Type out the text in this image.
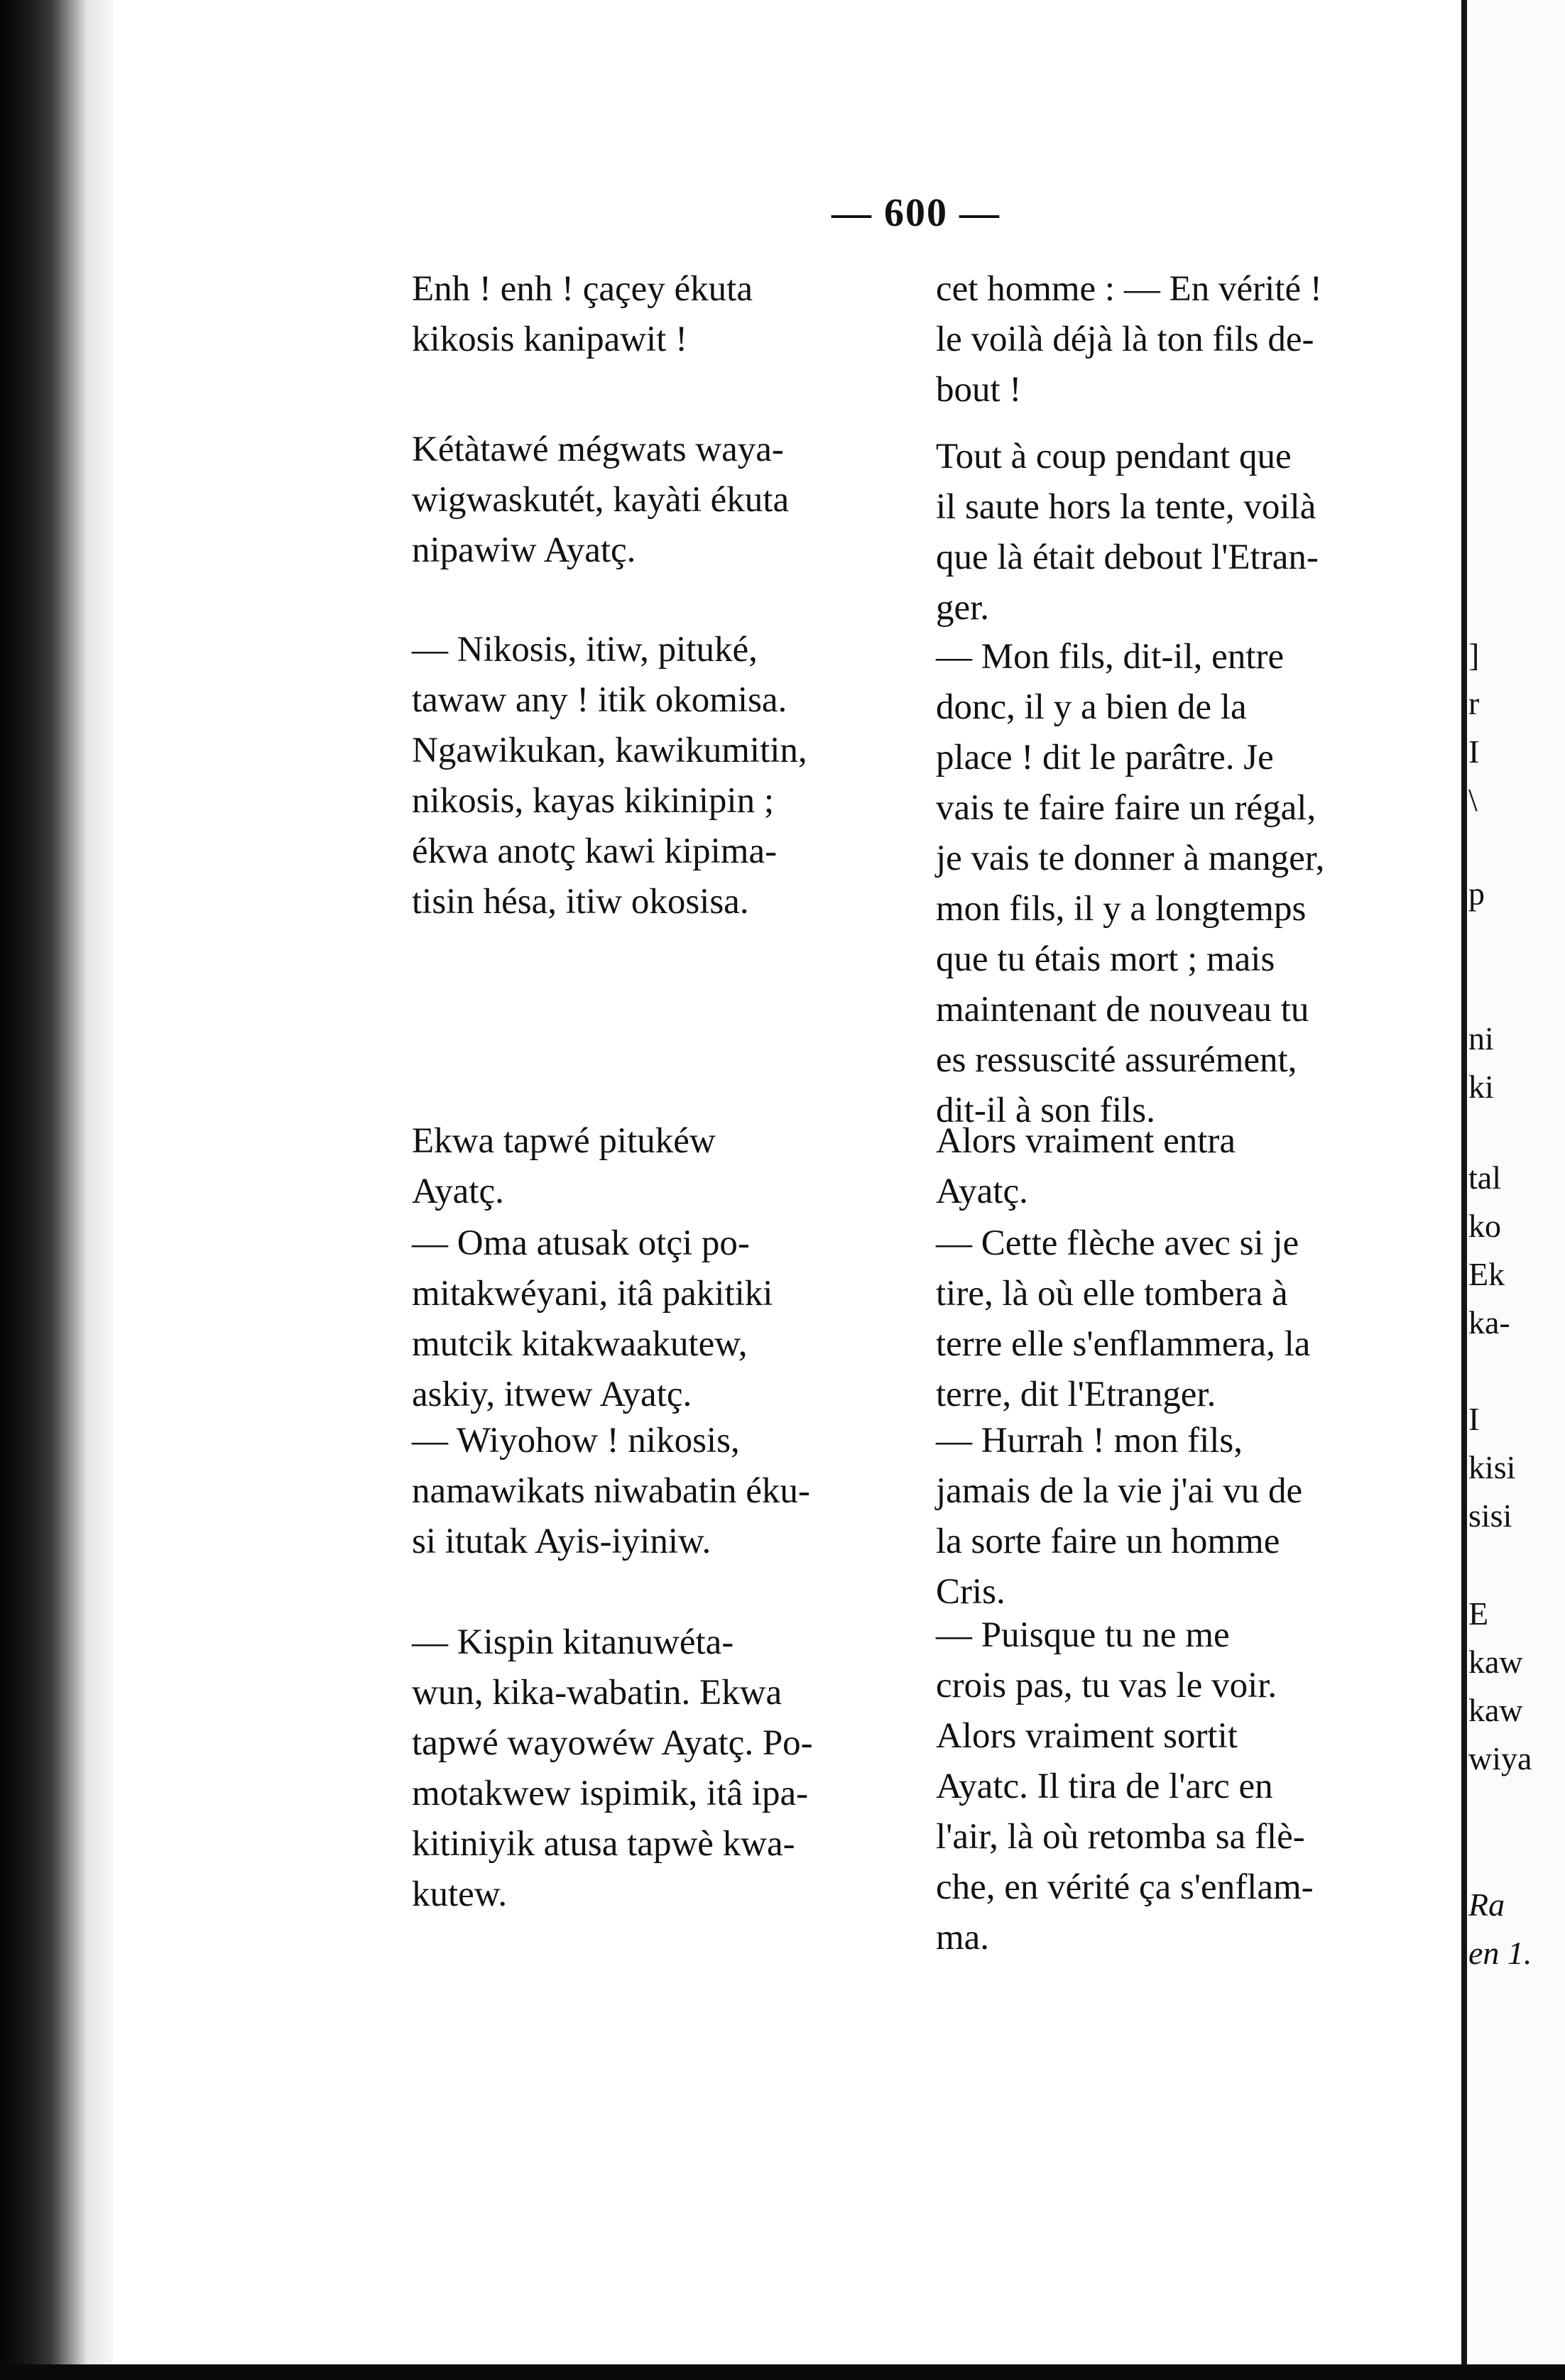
— 600 —

Enh ! enh ! çaçey ékuta
kikosis kanipawit !

Kétàtawé mégwats waya-
wigwaskutét, kayàti ékuta
nipawiw Ayatç.

— Nikosis, itiw, pituké,
tawaw any ! itik okomisa.
Ngawikukan, kawikumitin,
nikosis, kayas kikinipin ;
ékwa anotç kawi kipima-
tisin hésa, itiw okosisa.

Ekwa tapwé pitukéw
Ayatç.

— Oma atusak otçi po-
mitakwéyani, itâ pakitiki
mutcik kitakwaakutew,
askiy, itwew Ayatç.

— Wiyohow ! nikosis,
namawikats niwabatin éku-
si itutak Ayis-iyiniw.

— Kispin kitanuwéta-
wun, kika-wabatin. Ekwa
tapwé wayowéw Ayatç. Po-
motakwew ispimik, itâ ipa-
kitiniyik atusa tapwè kwa-
kutew.

cet homme : — En vérité !
le voilà déjà là ton fils de-
bout !

Tout à coup pendant que
il saute hors la tente, voilà
que là était debout l'Etran-
ger.

— Mon fils, dit-il, entre
donc, il y a bien de la
place ! dit le parâtre. Je
vais te faire faire un régal,
je vais te donner à manger,
mon fils, il y a longtemps
que tu étais mort ; mais
maintenant de nouveau tu
es ressuscité assurément,
dit-il à son fils.

Alors vraiment entra
Ayatç.

— Cette flèche avec si je
tire, là où elle tombera à
terre elle s'enflammera, la
terre, dit l'Etranger.

— Hurrah ! mon fils,
jamais de la vie j'ai vu de
la sorte faire un homme
Cris.

— Puisque tu ne me
crois pas, tu vas le voir.
Alors vraiment sortit
Ayatc. Il tira de l'arc en
l'air, là où retomba sa flè-
che, en vérité ça s'enflam-
ma.

]
r
I
\
p
ni
ki
tal
ko
Ek
ka-
I
kisi
sisi
E
kaw
kaw
wiya
Ra
en 1.
